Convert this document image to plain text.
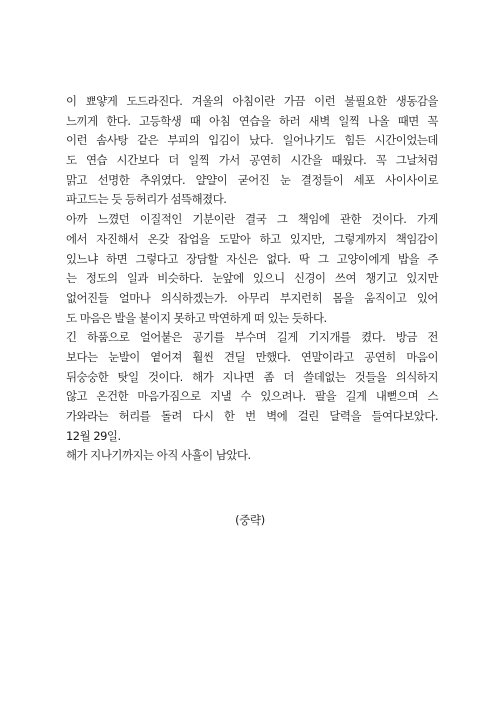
이 뾰얗게 도드라진다. 겨울의 아침이란 가끔 이런 불필요한 생동감을
느끼게 한다. 고등학생 때 아침 연습을 하러 새벽 일찍 나올 때면 꼭
이런 솜사탕 같은 부피의 입김이 났다. 일어나기도 힘든 시간이었는데
도 연습 시간보다 더 일찍 가서 공연히 시간을 때웠다. 꼭 그날처럼
맑고 선명한 추위였다. 얄얄이 굳어진 눈 결정들이 세포 사이사이로
파고드는 듯 등허리가 섬뜩해졌다.
아까 느꼈던 이질적인 기분이란 결국 그 책임에 관한 것이다. 가게
에서 자진해서 온갖 잡업을 도맡아 하고 있지만, 그렇게까지 책임감이
있느냐 하면 그렇다고 장담할 자신은 없다. 딱 그 고양이에게 밥을 주
는 정도의 일과 비슷하다. 눈앞에 있으니 신경이 쓰여 챙기고 있지만
없어진들 얼마나 의식하겠는가. 아무리 부지런히 몸을 움직이고 있어
도 마음은 발을 붙이지 못하고 막연하게 떠 있는 듯하다.
긴 하품으로 얼어붙은 공기를 부수며 길게 기지개를 켰다. 방금 전
보다는 눈발이 옅어져 훨씬 견딜 만했다. 연말이라고 공연히 마음이
뒤숭숭한 탓일 것이다. 해가 지나면 좀 더 쓸데없는 것들을 의식하지
않고 온건한 마음가짐으로 지낼 수 있으려나. 팔을 길게 내뻗으며 스
가와라는 허리를 돌려 다시 한 번 벽에 걸린 달력을 들여다보았다.
12월 29일.
해가 지나기까지는 아직 사흘이 남았다.
(중략)
